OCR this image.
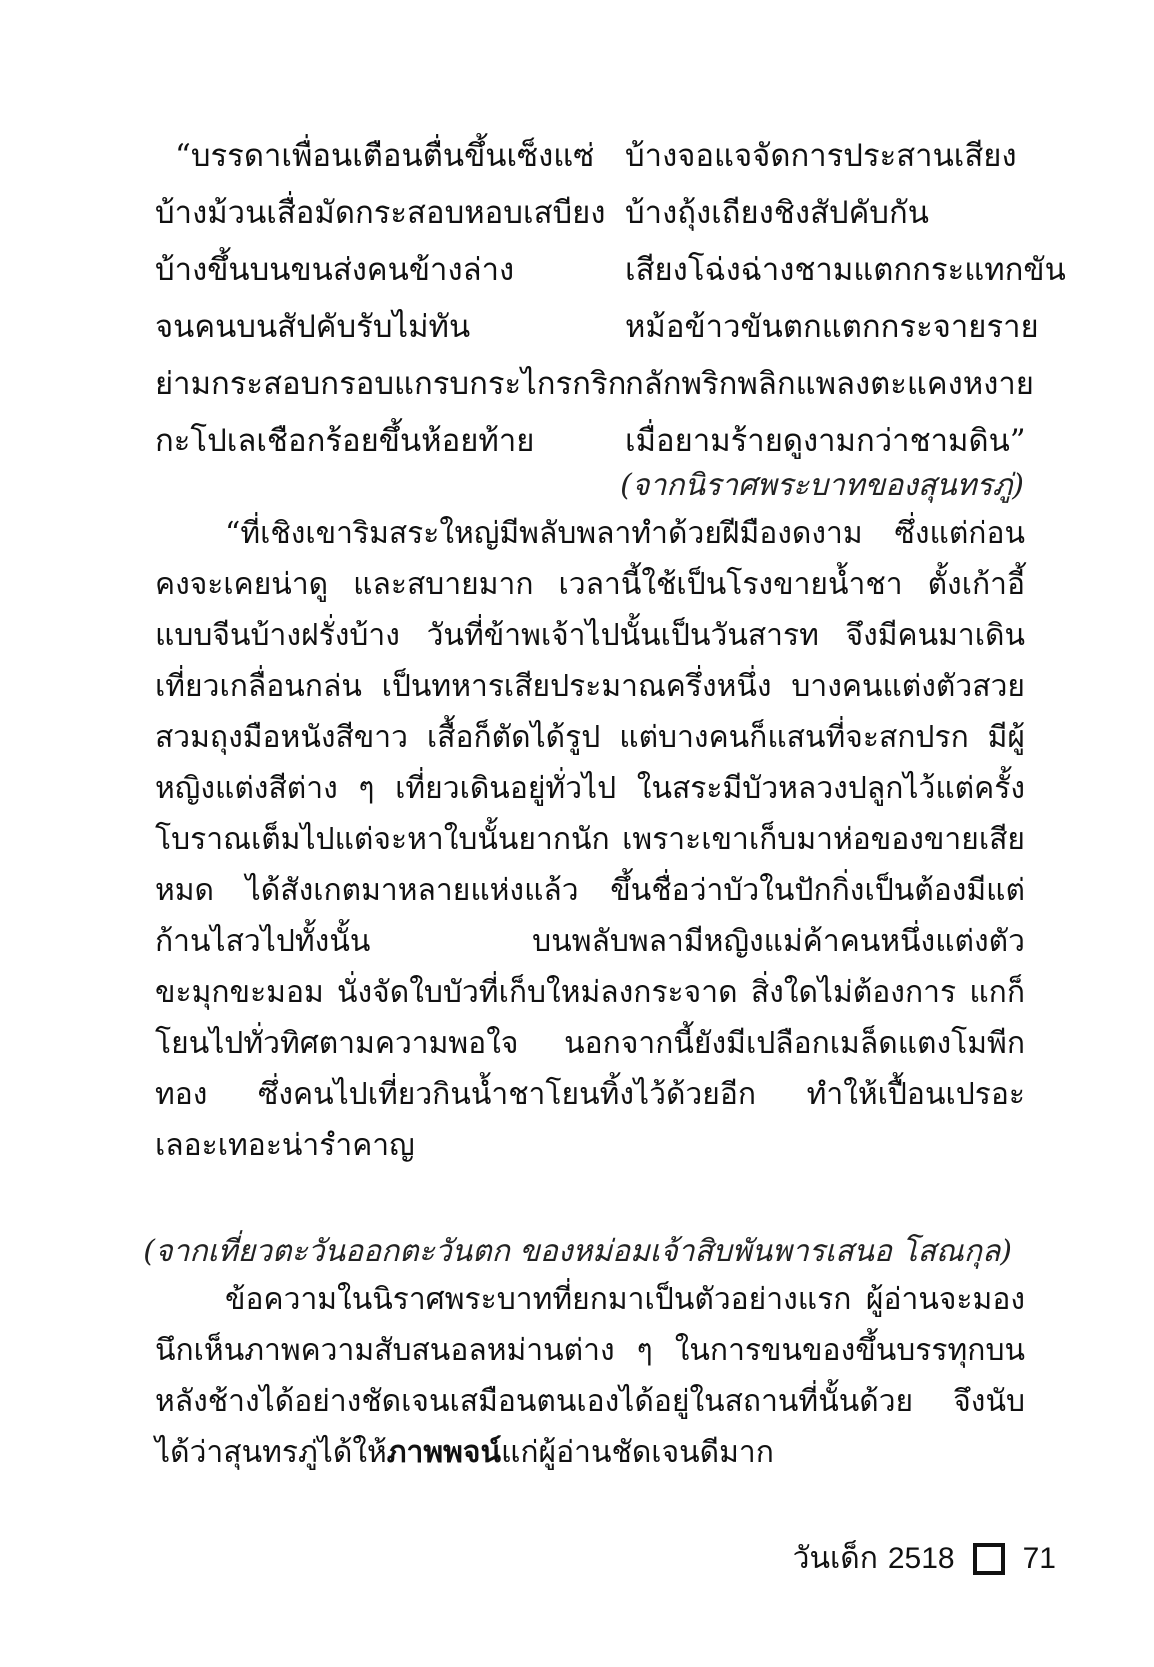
“บรรดาเพื่อนเตือนตื่นขึ้นเซ็งแซ่ บ้างจอแจจัดการประสานเสียง
บ้างม้วนเสื่อมัดกระสอบหอบเสบียง บ้างถุ้งเถียงชิงสัปคับกัน
บ้างขึ้นบนขนส่งคนข้างล่าง	เสียงโฉ่งฉ่างชามแตกกระแทกขัน
จนคนบนสัปคับรับไม่ทัน	หม้อข้าวขันตกแตกกระจายราย
ย่ามกระสอบกรอบแกรบกระไกรกริก
กลักพริกพลิกแพลงตะแคงหงาย
กะโปเลเชือกร้อยขึ้นห้อยท้าย	เมื่อยามร้ายดูงามกว่าชามดิน”
(จากนิราศพระบาทของสุนทรภู่)

“ที่เชิงเขาริมสระใหญ่มีพลับพลาทำด้วยฝีมืองดงาม ซึ่งแต่ก่อนคงจะเคยน่าดู และสบายมาก เวลานี้ใช้เป็นโรงขายน้ำชา ตั้งเก้าอี้แบบจีนบ้างฝรั่งบ้าง วันที่ข้าพเจ้าไปนั้นเป็นวันสารท จึงมีคนมาเดินเที่ยวเกลื่อนกล่น เป็นทหารเสียประมาณครึ่งหนึ่ง บางคนแต่งตัวสวยสวมถุงมือหนังสีขาว เสื้อก็ตัดได้รูป แต่บางคนก็แสนที่จะสกปรก มีผู้หญิงแต่งสีต่าง ๆ เที่ยวเดินอยู่ทั่วไป ในสระมีบัวหลวงปลูกไว้แต่ครั้งโบราณเต็มไปแต่จะหาใบนั้นยากนัก เพราะเขาเก็บมาห่อของขายเสียหมด ได้สังเกตมาหลายแห่งแล้ว ขึ้นชื่อว่าบัวในปักกิ่งเป็นต้องมีแต่ก้านไสวไปทั้งนั้น บนพลับพลามีหญิงแม่ค้าคนหนึ่งแต่งตัวขะมุกขะมอม นั่งจัดใบบัวที่เก็บใหม่ลงกระจาด สิ่งใดไม่ต้องการ แกก็โยนไปทั่วทิศตามความพอใจ นอกจากนี้ยังมีเปลือกเมล็ดแตงโมพีกทอง ซึ่งคนไปเที่ยวกินน้ำชาโยนทิ้งไว้ด้วยอีก ทำให้เปื้อนเปรอะเลอะเทอะน่ารำคาญ

(จากเที่ยวตะวันออกตะวันตก ของหม่อมเจ้าสิบพันพารเสนอ โสณกุล)

ข้อความในนิราศพระบาทที่ยกมาเป็นตัวอย่างแรก ผู้อ่านจะมองนึกเห็นภาพความสับสนอลหม่านต่าง ๆ ในการขนของขึ้นบรรทุกบนหลังช้างได้อย่างชัดเจนเสมือนตนเองได้อยู่ในสถานที่นั้นด้วย จึงนับได้ว่าสุนทรภู่ได้ให้ภาพพจน์แก่ผู้อ่านชัดเจนดีมาก

วันเด็ก 2518 71
